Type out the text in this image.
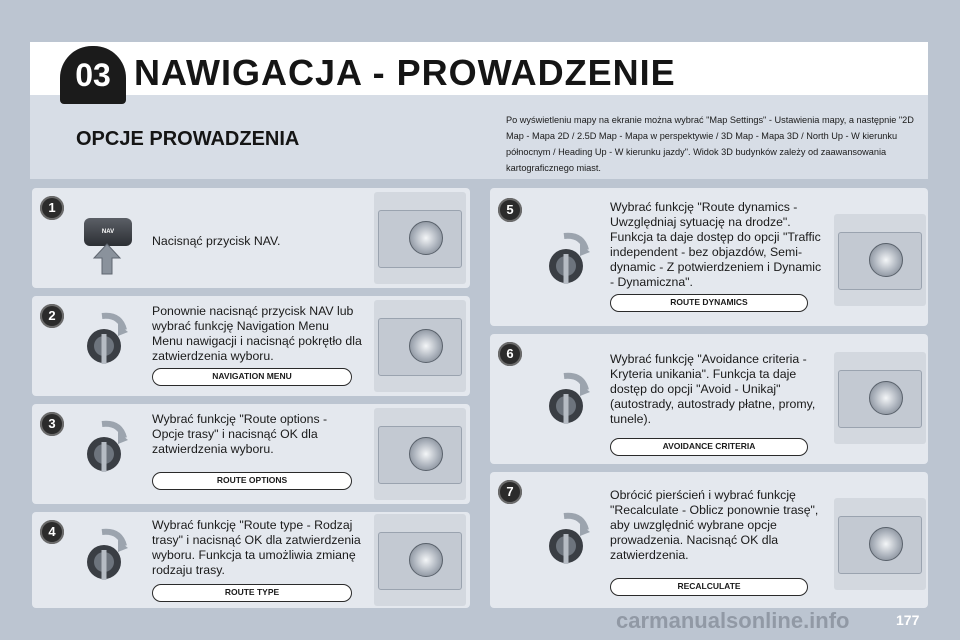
03 NAWIGACJA - PROWADZENIE
OPCJE PROWADZENIA
Po wyświetleniu mapy na ekranie można wybrać "Map Settings" - Ustawienia mapy, a następnie "2D Map - Mapa 2D / 2.5D Map - Mapa w perspektywie / 3D Map - Mapa 3D / North Up - W kierunku północnym / Heading Up - W kierunku jazdy". Widok 3D budynków zależy od zaawansowania kartograficznego miast.
1
NAV
Nacisnąć przycisk NAV.
2	Ponownie nacisnąć przycisk NAV lub wybrać funkcję Navigation Menu Menu nawigacji i nacisnąć pokrętło dla zatwierdzenia wyboru.
NAVIGATION MENU
3	Wybrać funkcję "Route options - Opcje trasy" i nacisnąć OK dla zatwierdzenia wyboru.
ROUTE OPTIONS
4	Wybrać funkcję "Route type - Rodzaj trasy" i nacisnąć OK dla zatwierdzenia wyboru. Funkcja ta umożliwia zmianę rodzaju trasy.
ROUTE TYPE
5	Wybrać funkcję "Route dynamics - Uwzględniaj sytuację na drodze". Funkcja ta daje dostęp do opcji "Traffic independent - bez objazdów, Semi-dynamic - Z potwierdzeniem i Dynamic - Dynamiczna".
ROUTE DYNAMICS
6	Wybrać funkcję "Avoidance criteria - Kryteria unikania". Funkcja ta daje dostęp do opcji "Avoid - Unikaj" (autostrady, autostrady płatne, promy, tunele).
AVOIDANCE CRITERIA
7	Obrócić pierścień i wybrać funkcję "Recalculate - Oblicz ponownie trasę", aby uwzględnić wybrane opcje prowadzenia. Nacisnąć OK dla zatwierdzenia.
RECALCULATE
carmanualsonline.info	177
